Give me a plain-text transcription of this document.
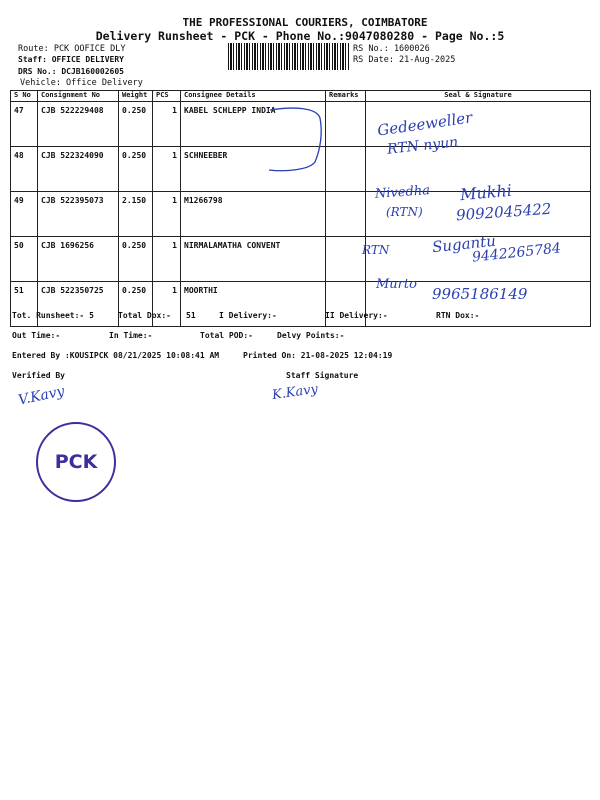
THE PROFESSIONAL COURIERS, COIMBATORE
Delivery Runsheet - PCK - Phone No.:9047080280 - Page No.:5
Route: PCK OOFICE DLY
Staff: OFFICE DELIVERY
DRS No.: DCJB160002605
Vehicle: Office Delivery
RS No.: 1600026
RS Date: 21-Aug-2025
S No	Consignment No	Weight	PCS	Consignee Details	Remarks	Seal & Signature
47	CJB 522229408	0.250	1	KABEL SCHLEPP INDIA		
48	CJB 522324090	0.250	1	SCHNEEBER		
49	CJB 522395073	2.150	1	M1266798		
50	CJB 1696256	0.250	1	NIRMALAMATHA CONVENT		
51	CJB 522350725	0.250	1	MOORTHI		
Gedeeweller
RTN nyun
Nivedha Mukhi
(RTN) 9092045422
RTN	Sugantu
9442265784
Murto
9965186149
Tot. Runsheet:- 5	Total Dox:- 51	I Delivery:-	II Delivery:-	RTN Dox:-
Out Time:-	In Time:-	Total POD:-	Delvy Points:-
Entered By :KOUSIPCK 08/21/2025 10:08:41 AM	Printed On: 21-08-2025 12:04:19
Verified By	Staff Signature
V.Kavy	K.Kavy
PCK
